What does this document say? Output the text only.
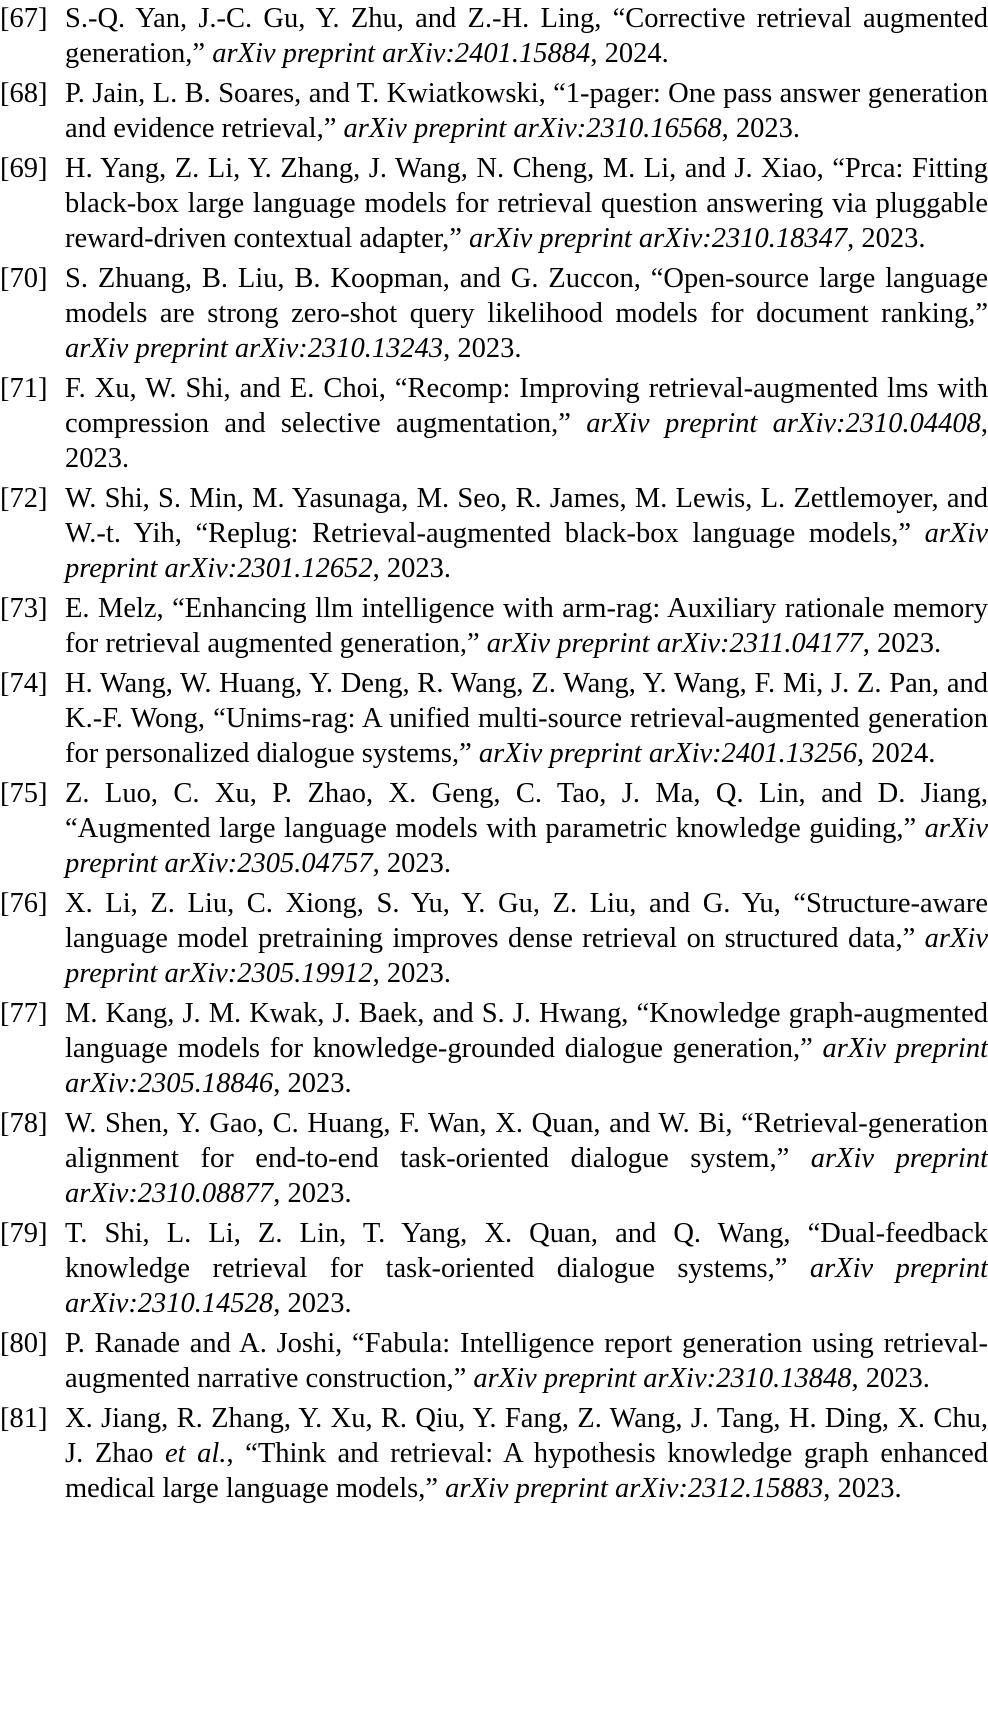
[67] S.-Q. Yan, J.-C. Gu, Y. Zhu, and Z.-H. Ling, “Corrective retrieval augmented generation,” arXiv preprint arXiv:2401.15884, 2024.
[68] P. Jain, L. B. Soares, and T. Kwiatkowski, “1-pager: One pass answer generation and evidence retrieval,” arXiv preprint arXiv:2310.16568, 2023.
[69] H. Yang, Z. Li, Y. Zhang, J. Wang, N. Cheng, M. Li, and J. Xiao, “Prca: Fitting black-box large language models for retrieval question answering via pluggable reward-driven contextual adapter,” arXiv preprint arXiv:2310.18347, 2023.
[70] S. Zhuang, B. Liu, B. Koopman, and G. Zuccon, “Open-source large language models are strong zero-shot query likelihood models for document ranking,” arXiv preprint arXiv:2310.13243, 2023.
[71] F. Xu, W. Shi, and E. Choi, “Recomp: Improving retrieval-augmented lms with compression and selective augmentation,” arXiv preprint arXiv:2310.04408, 2023.
[72] W. Shi, S. Min, M. Yasunaga, M. Seo, R. James, M. Lewis, L. Zettlemoyer, and W.-t. Yih, “Replug: Retrieval-augmented black-box language models,” arXiv preprint arXiv:2301.12652, 2023.
[73] E. Melz, “Enhancing llm intelligence with arm-rag: Auxiliary rationale memory for retrieval augmented generation,” arXiv preprint arXiv:2311.04177, 2023.
[74] H. Wang, W. Huang, Y. Deng, R. Wang, Z. Wang, Y. Wang, F. Mi, J. Z. Pan, and K.-F. Wong, “Unims-rag: A unified multi-source retrieval-augmented generation for personalized dialogue systems,” arXiv preprint arXiv:2401.13256, 2024.
[75] Z. Luo, C. Xu, P. Zhao, X. Geng, C. Tao, J. Ma, Q. Lin, and D. Jiang, “Augmented large language models with parametric knowledge guiding,” arXiv preprint arXiv:2305.04757, 2023.
[76] X. Li, Z. Liu, C. Xiong, S. Yu, Y. Gu, Z. Liu, and G. Yu, “Structure-aware language model pretraining improves dense retrieval on structured data,” arXiv preprint arXiv:2305.19912, 2023.
[77] M. Kang, J. M. Kwak, J. Baek, and S. J. Hwang, “Knowledge graph-augmented language models for knowledge-grounded dialogue generation,” arXiv preprint arXiv:2305.18846, 2023.
[78] W. Shen, Y. Gao, C. Huang, F. Wan, X. Quan, and W. Bi, “Retrieval-generation alignment for end-to-end task-oriented dialogue system,” arXiv preprint arXiv:2310.08877, 2023.
[79] T. Shi, L. Li, Z. Lin, T. Yang, X. Quan, and Q. Wang, “Dual-feedback knowledge retrieval for task-oriented dialogue systems,” arXiv preprint arXiv:2310.14528, 2023.
[80] P. Ranade and A. Joshi, “Fabula: Intelligence report generation using retrieval-augmented narrative construction,” arXiv preprint arXiv:2310.13848, 2023.
[81] X. Jiang, R. Zhang, Y. Xu, R. Qiu, Y. Fang, Z. Wang, J. Tang, H. Ding, X. Chu, J. Zhao et al., “Think and retrieval: A hypothesis knowledge graph enhanced medical large language models,” arXiv preprint arXiv:2312.15883, 2023.
